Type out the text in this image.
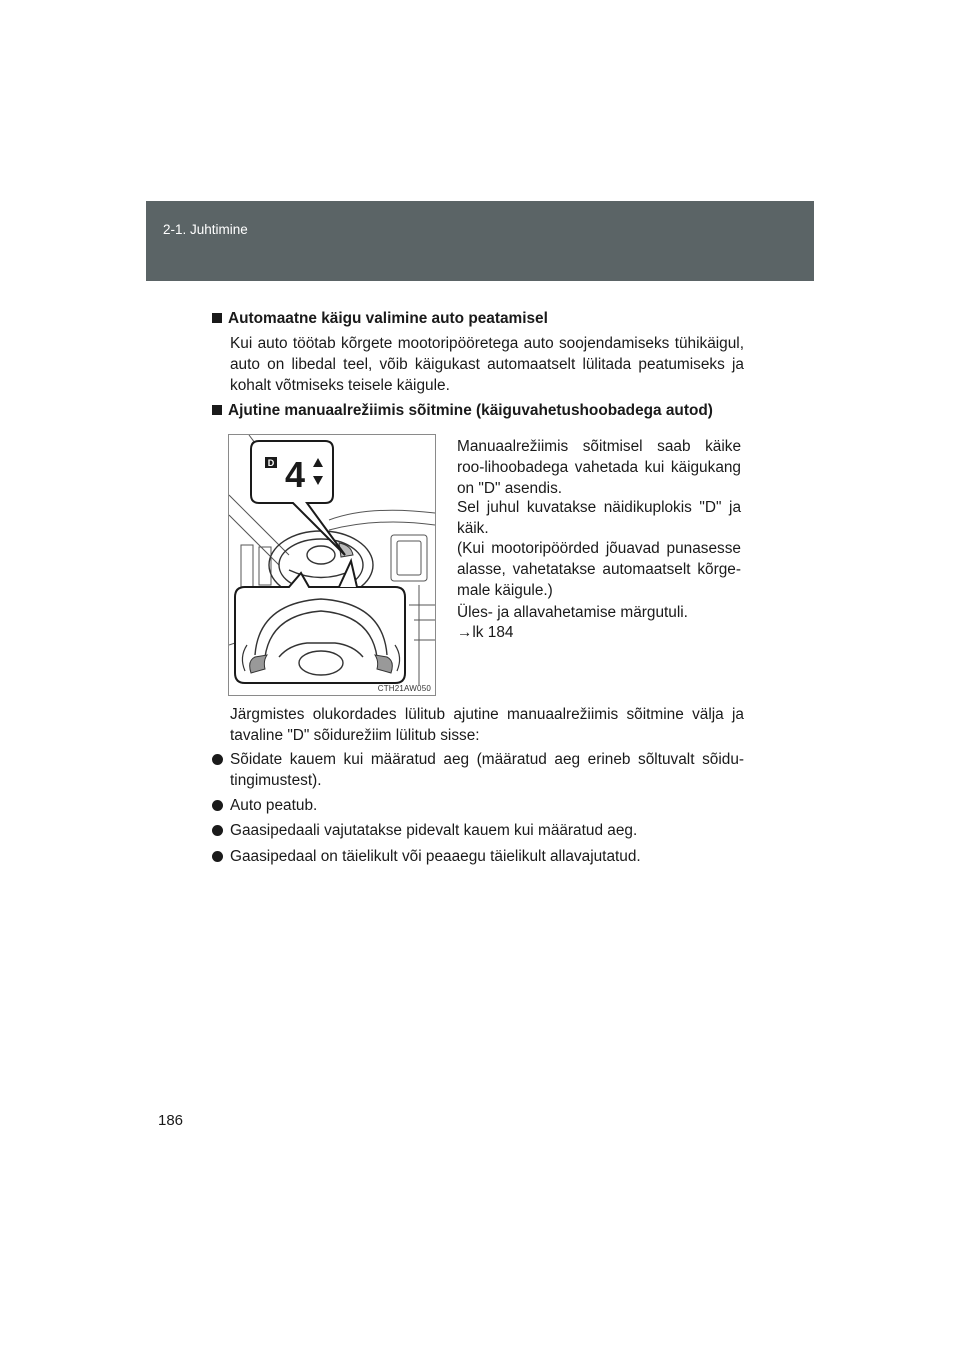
2-1. Juhtimine
Automaatne käigu valimine auto peatamisel
Kui auto töötab kõrgete mootoripööretega auto soojendamiseks tühikäigul, auto on libedal teel, võib käigukast automaatselt lülitada peatumiseks ja kohalt võtmiseks teisele käigule.
Ajutine manuaalrežiimis sõitmine (käiguvahetushoobadega autod)
D 4
CTH21AW050
Manuaalrežiimis sõitmisel saab käike roo-lihoobadega vahetada kui käigukang on "D" asendis.
Sel juhul kuvatakse näidikuplokis "D" ja käik.
(Kui mootoripöörded jõuavad punasesse alasse, vahetatakse automaatselt kõrge-male käigule.)
Üles- ja allavahetamise märgutuli.
→lk 184
Järgmistes olukordades lülitub ajutine manuaalrežiimis sõitmine välja ja tavaline "D" sõidurežiim lülitub sisse:
Sõidate kauem kui määratud aeg (määratud aeg erineb sõltuvalt sõidu-tingimustest).
Auto peatub.
Gaasipedaali vajutatakse pidevalt kauem kui määratud aeg.
Gaasipedaal on täielikult või peaaegu täielikult allavajutatud.
186
